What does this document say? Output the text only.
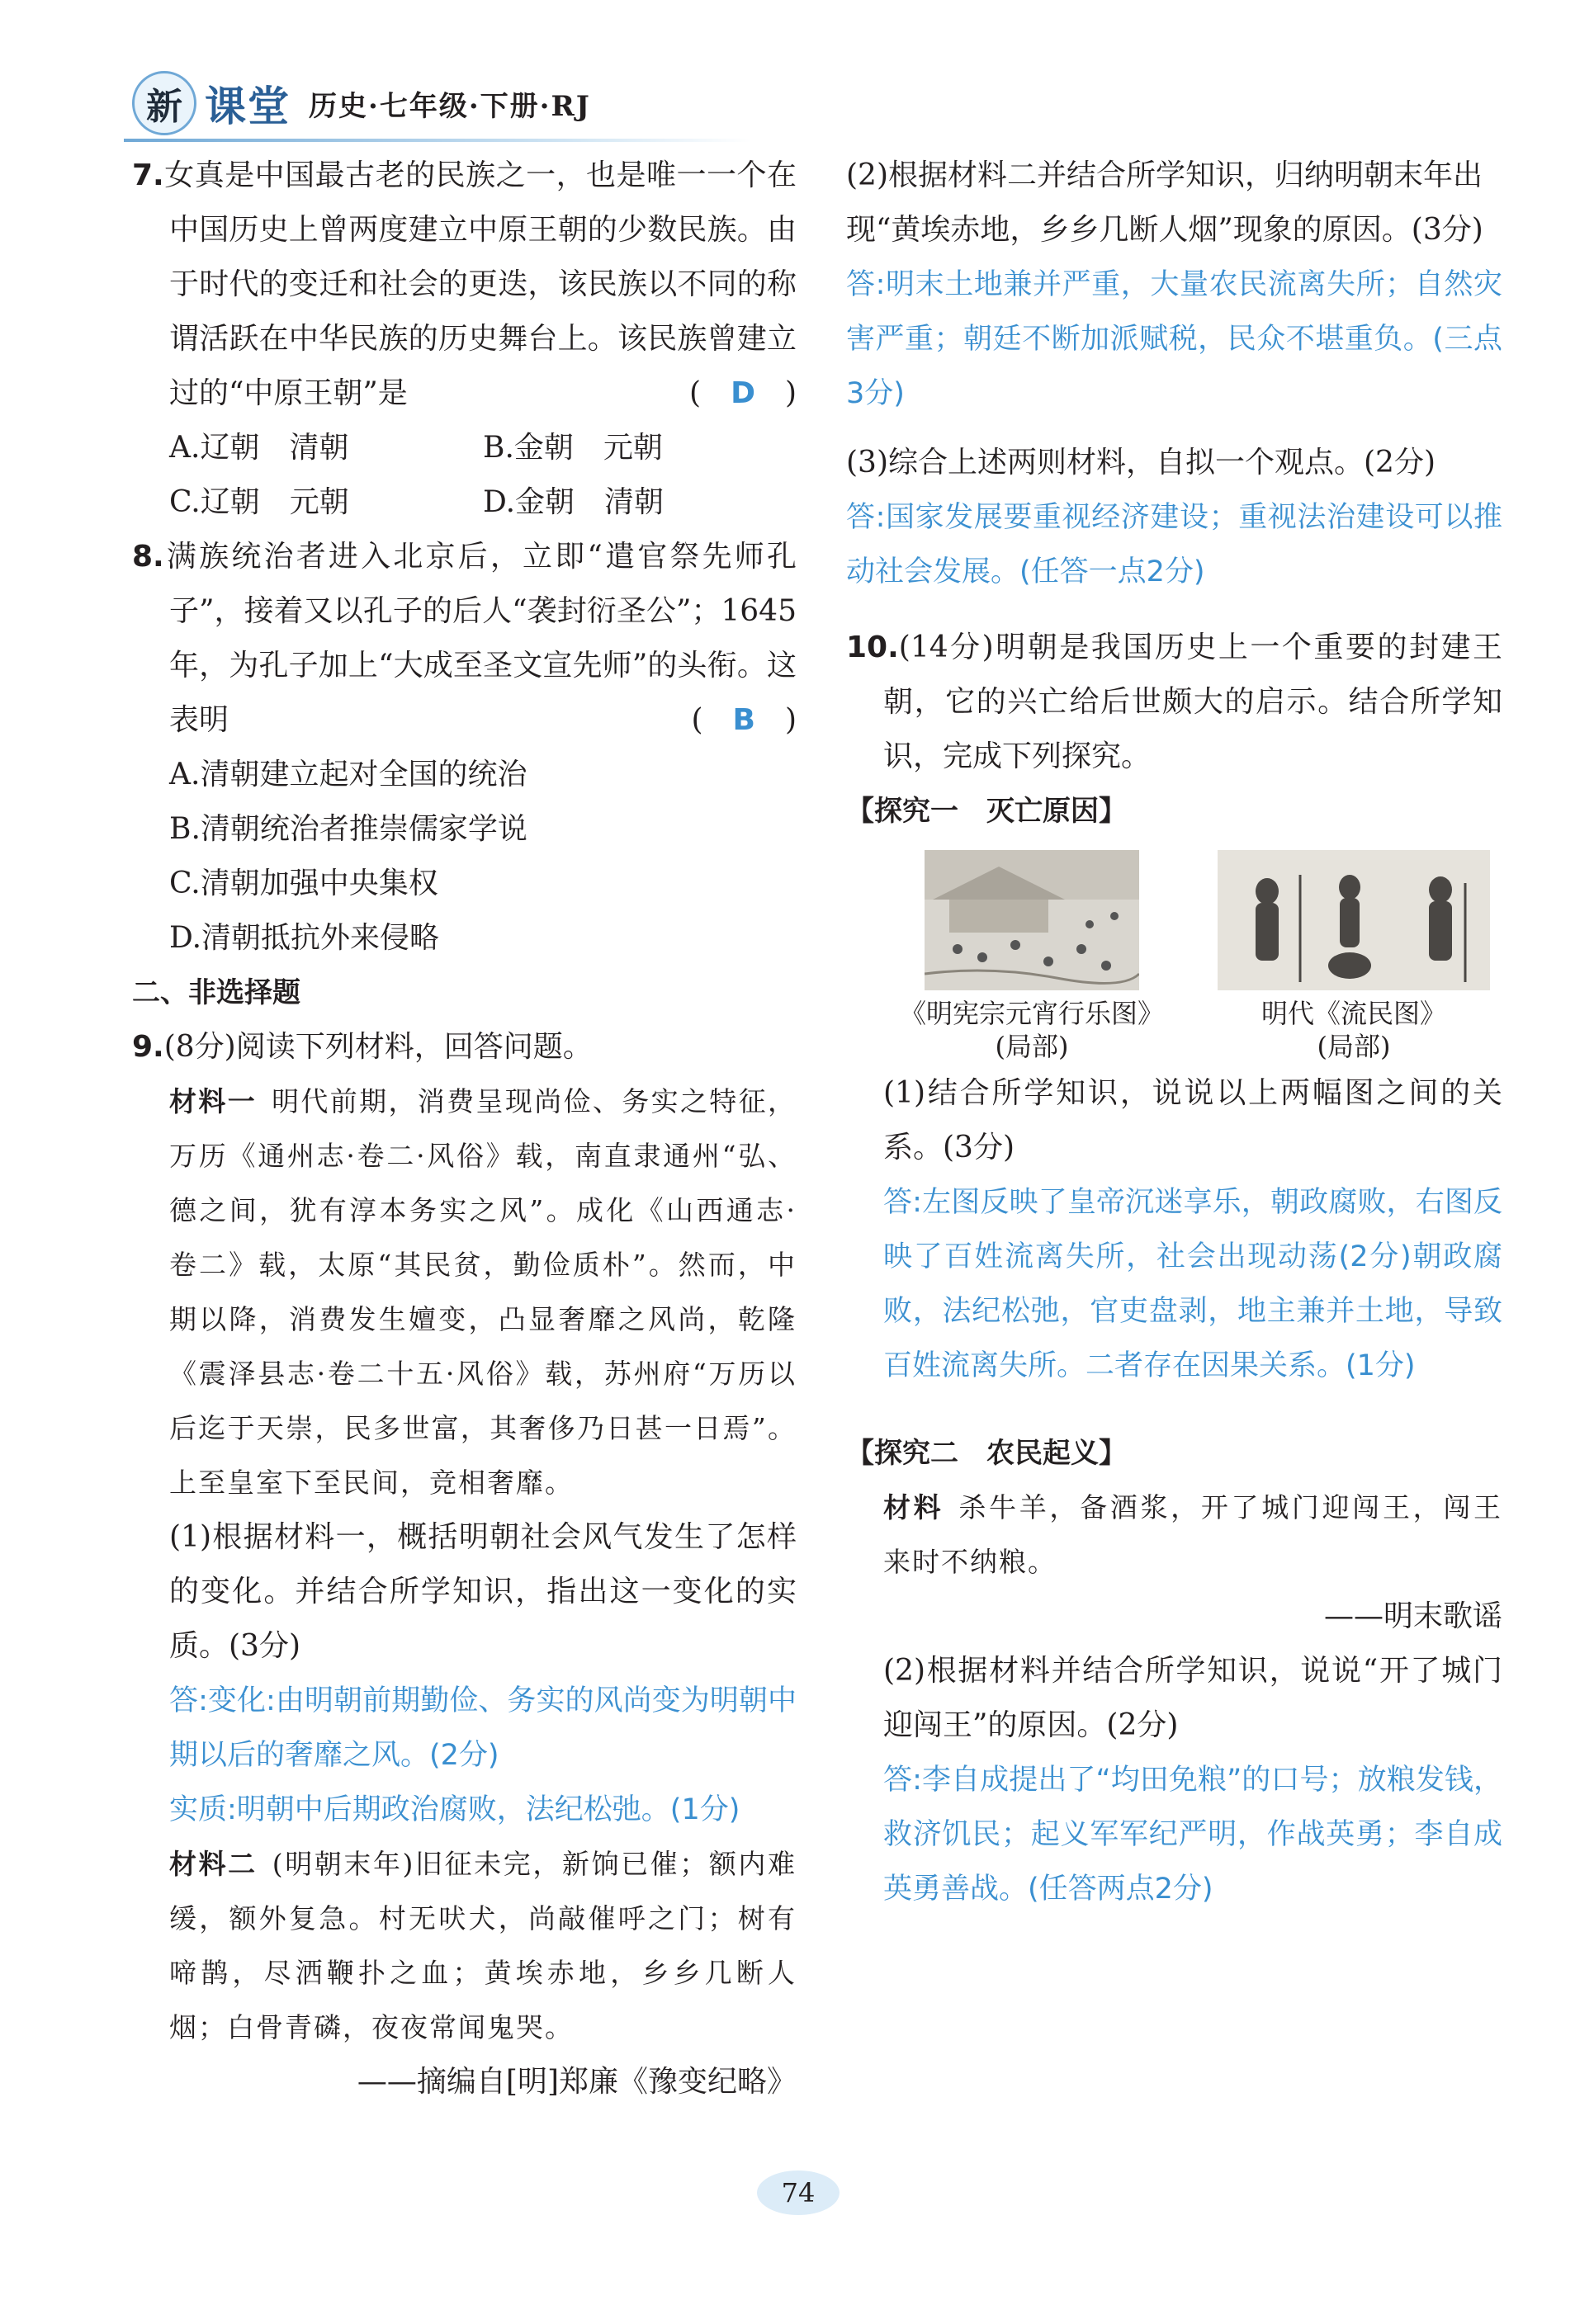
新 课堂 历史·七年级·下册·RJ

7.女真是中国最古老的民族之一，也是唯一一个在中国历史上曾两度建立中原王朝的少数民族。由于时代的变迁和社会的更迭，该民族以不同的称谓活跃在中华民族的历史舞台上。该民族曾建立过的“中原王朝”是	(　D　)

A.辽朝　清朝	B.金朝　元朝
C.辽朝　元朝	D.金朝　清朝

8.满族统治者进入北京后，立即“遣官祭先师孔子”，接着又以孔子的后人“袭封衍圣公”；1645年，为孔子加上“大成至圣文宣先师”的头衔。这表明	(　B　)

A.清朝建立起对全国的统治

B.清朝统治者推崇儒家学说

C.清朝加强中央集权

D.清朝抵抗外来侵略

二、非选择题

9.(8分)阅读下列材料，回答问题。

材料一 明代前期，消费呈现尚俭、务实之特征，万历《通州志·卷二·风俗》载，南直隶通州“弘、德之间，犹有淳本务实之风”。成化《山西通志·卷二》载，太原“其民贫，勤俭质朴”。然而，中期以降，消费发生嬗变，凸显奢靡之风尚，乾隆《震泽县志·卷二十五·风俗》载，苏州府“万历以后迄于天崇，民多世富，其奢侈乃日甚一日焉”。上至皇室下至民间，竞相奢靡。

(1)根据材料一，概括明朝社会风气发生了怎样的变化。并结合所学知识，指出这一变化的实质。(3分)

答:变化:由明朝前期勤俭、务实的风尚变为明朝中期以后的奢靡之风。(2分)

实质:明朝中后期政治腐败，法纪松弛。(1分)

材料二 (明朝末年)旧征未完，新饷已催；额内难缓，额外复急。村无吠犬，尚敲催呼之门；树有啼鹊，尽洒鞭扑之血；黄埃赤地，乡乡几断人烟；白骨青磷，夜夜常闻鬼哭。

——摘编自[明]郑廉《豫变纪略》

(2)根据材料二并结合所学知识，归纳明朝末年出现“黄埃赤地，乡乡几断人烟”现象的原因。(3分)

答:明末土地兼并严重，大量农民流离失所；自然灾害严重；朝廷不断加派赋税，民众不堪重负。(三点3分)

(3)综合上述两则材料，自拟一个观点。(2分)

答:国家发展要重视经济建设；重视法治建设可以推动社会发展。(任答一点2分)

10.(14分)明朝是我国历史上一个重要的封建王朝，它的兴亡给后世颇大的启示。结合所学知识，完成下列探究。

【探究一　灭亡原因】

《明宪宗元宵行乐图》
(局部)
明代《流民图》
(局部)

(1)结合所学知识，说说以上两幅图之间的关系。(3分)

答:左图反映了皇帝沉迷享乐，朝政腐败，右图反映了百姓流离失所，社会出现动荡(2分)朝政腐败，法纪松弛，官吏盘剥，地主兼并土地，导致百姓流离失所。二者存在因果关系。(1分)

【探究二　农民起义】

材料 杀牛羊，备酒浆，开了城门迎闯王，闯王来时不纳粮。

——明末歌谣

(2)根据材料并结合所学知识，说说“开了城门迎闯王”的原因。(2分)

答:李自成提出了“均田免粮”的口号；放粮发钱，救济饥民；起义军军纪严明，作战英勇；李自成英勇善战。(任答两点2分)

74
